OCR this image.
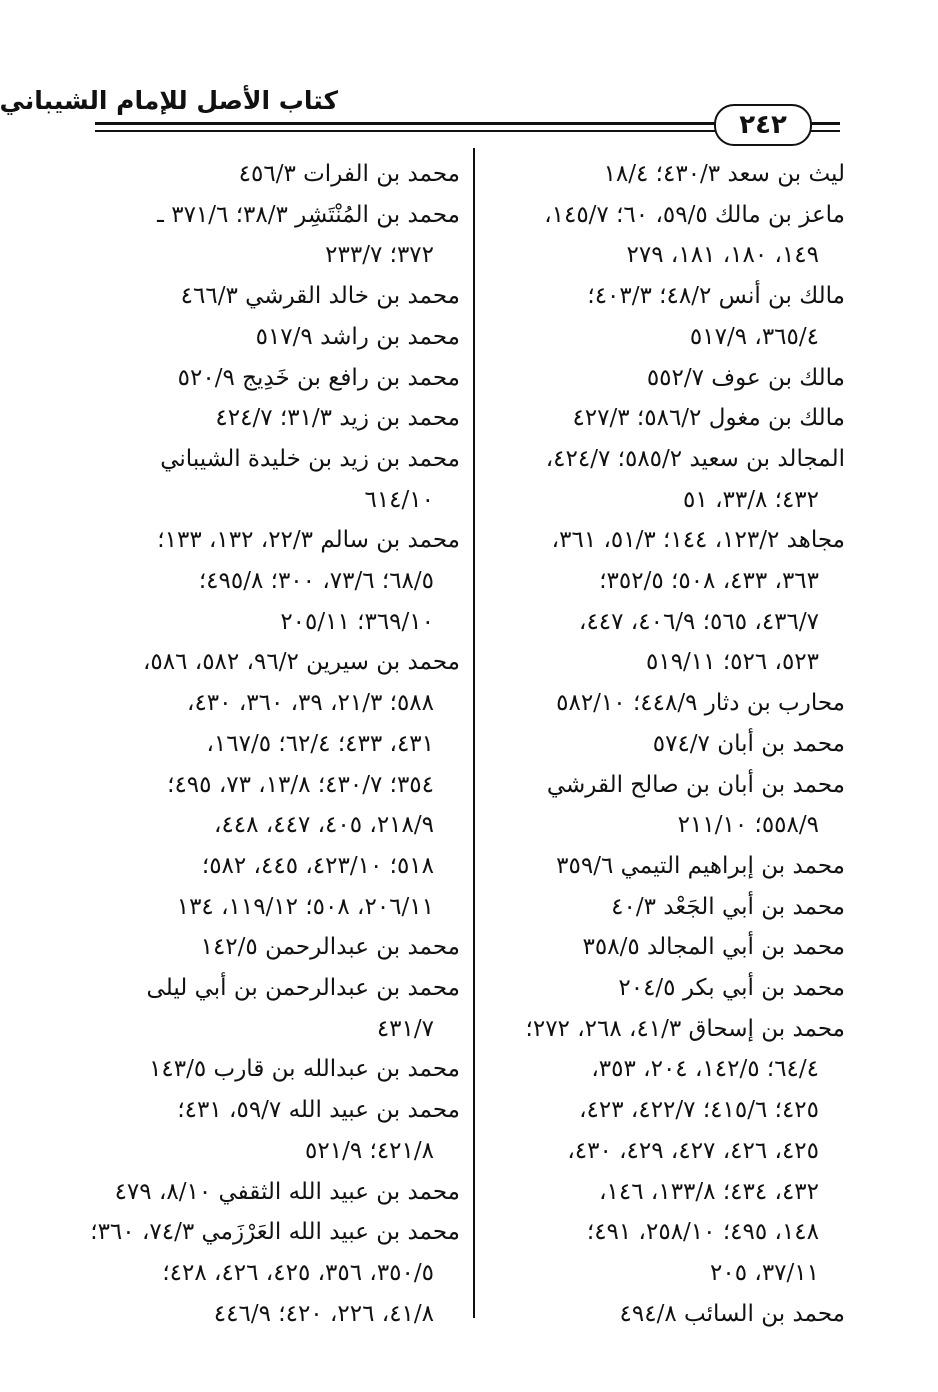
كتاب الأصل للإمام الشيباني
٢٤٢
ليث بن سعد ٤٣٠/٣؛ ١٨/٤
ماعز بن مالك ٥٩/٥، ٦٠؛ ١٤٥/٧،
١٤٩، ١٨٠، ١٨١، ٢٧٩
مالك بن أنس ٤٨/٢؛ ٤٠٣/٣؛
٣٦٥/٤، ٥١٧/٩
مالك بن عوف ٥٥٢/٧
مالك بن مغول ٥٨٦/٢؛ ٤٢٧/٣
المجالد بن سعيد ٥٨٥/٢؛ ٤٢٤/٧،
٤٣٢؛ ٣٣/٨، ٥١
مجاهد ١٢٣/٢، ١٤٤؛ ٥١/٣، ٣٦١،
٣٦٣، ٤٣٣، ٥٠٨؛ ٣٥٢/٥؛
٤٣٦/٧، ٥٦٥؛ ٤٠٦/٩، ٤٤٧،
٥٢٣، ٥٢٦؛ ٥١٩/١١
محارب بن دثار ٤٤٨/٩؛ ٥٨٢/١٠
محمد بن أبان ٥٧٤/٧
محمد بن أبان بن صالح القرشي
٥٥٨/٩؛ ٢١١/١٠
محمد بن إبراهيم التيمي ٣٥٩/٦
محمد بن أبي الجَعْد ٤٠/٣
محمد بن أبي المجالد ٣٥٨/٥
محمد بن أبي بكر ٢٠٤/٥
محمد بن إسحاق ٤١/٣، ٢٦٨، ٢٧٢؛
٦٤/٤؛ ١٤٢/٥، ٢٠٤، ٣٥٣،
٤٢٥؛ ٤١٥/٦؛ ٤٢٢/٧، ٤٢٣،
٤٢٥، ٤٢٦، ٤٢٧، ٤٢٩، ٤٣٠،
٤٣٢، ٤٣٤؛ ١٣٣/٨، ١٤٦،
١٤٨، ٤٩٥؛ ٢٥٨/١٠، ٤٩١؛
٣٧/١١، ٢٠٥
محمد بن السائب ٤٩٤/٨
محمد بن الفرات ٤٥٦/٣
محمد بن المُنْتَشِر ٣٨/٣؛ ٣٧١/٦ ـ
٣٧٢؛ ٢٣٣/٧
محمد بن خالد القرشي ٤٦٦/٣
محمد بن راشد ٥١٧/٩
محمد بن رافع بن خَدِيج ٥٢٠/٩
محمد بن زيد ٣١/٣؛ ٤٢٤/٧
محمد بن زيد بن خليدة الشيباني
٦١٤/١٠
محمد بن سالم ٢٢/٣، ١٣٢، ١٣٣؛
٦٨/٥؛ ٧٣/٦، ٣٠٠؛ ٤٩٥/٨؛
٣٦٩/١٠؛ ٢٠٥/١١
محمد بن سيرين ٩٦/٢، ٥٨٢، ٥٨٦،
٥٨٨؛ ٢١/٣، ٣٩، ٣٦٠، ٤٣٠،
٤٣١، ٤٣٣؛ ٦٢/٤؛ ١٦٧/٥،
٣٥٤؛ ٤٣٠/٧؛ ١٣/٨، ٧٣، ٤٩٥؛
٢١٨/٩، ٤٠٥، ٤٤٧، ٤٤٨،
٥١٨؛ ٤٢٣/١٠، ٤٤٥، ٥٨٢؛
٢٠٦/١١، ٥٠٨؛ ١١٩/١٢، ١٣٤
محمد بن عبدالرحمن ١٤٢/٥
محمد بن عبدالرحمن بن أبي ليلى
٤٣١/٧
محمد بن عبدالله بن قارب ١٤٣/٥
محمد بن عبيد الله ٥٩/٧، ٤٣١؛
٤٢١/٨؛ ٥٢١/٩
محمد بن عبيد الله الثقفي ٨/١٠، ٤٧٩
محمد بن عبيد الله العَرْزَمي ٧٤/٣، ٣٦٠؛
٣٥٠/٥، ٣٥٦، ٤٢٥، ٤٢٦، ٤٢٨؛
٤١/٨، ٢٢٦، ٤٢٠؛ ٤٤٦/٩
